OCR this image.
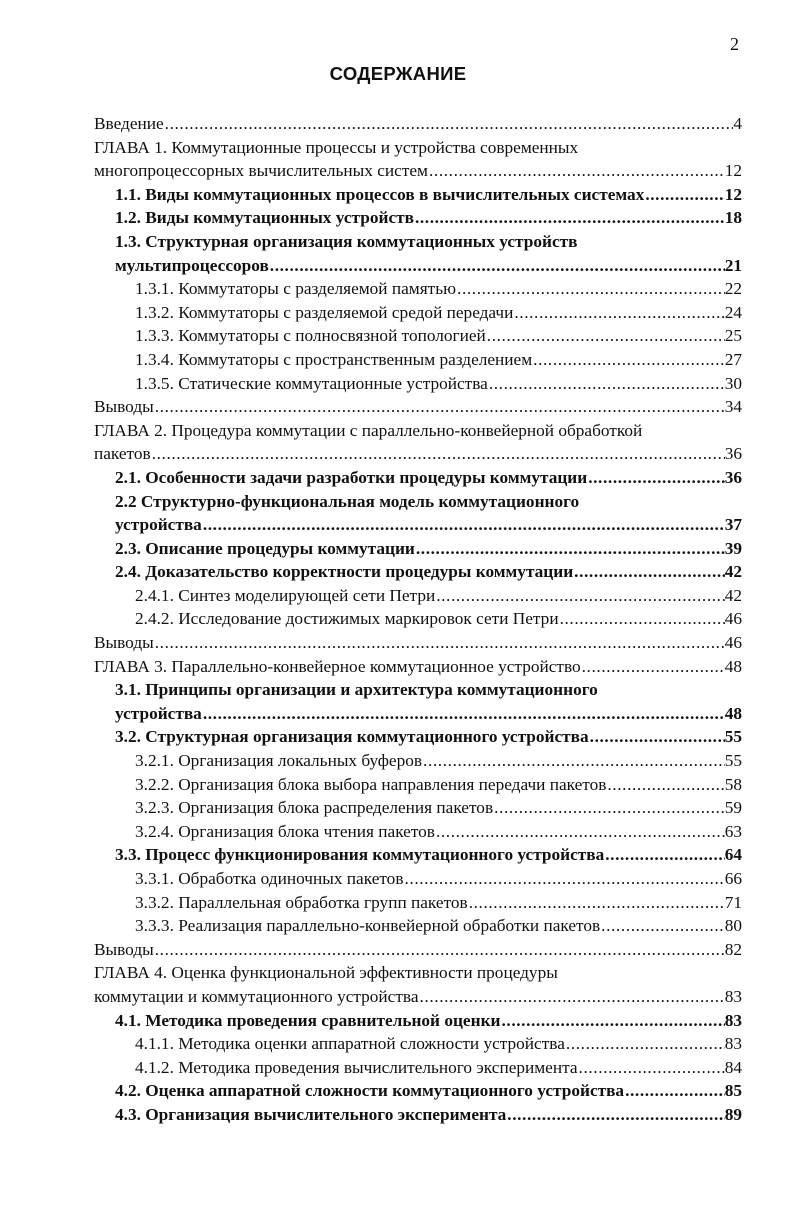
2
СОДЕРЖАНИЕ
Введение .....	4
ГЛАВА 1. Коммутационные процессы и устройства современных
многопроцессорных вычислительных систем .....	12
1.1. Виды коммутационных процессов в вычислительных системах .....	12
1.2. Виды коммутационных устройств .....	18
1.3. Структурная организация коммутационных устройств
мультипроцессоров .....	21
1.3.1. Коммутаторы с разделяемой памятью .....	22
1.3.2. Коммутаторы с разделяемой средой передачи .....	24
1.3.3. Коммутаторы с полносвязной топологией .....	25
1.3.4. Коммутаторы с пространственным разделением .....	27
1.3.5. Статические коммутационные устройства .....	30
Выводы .....	34
ГЛАВА 2. Процедура коммутации с параллельно-конвейерной обработкой
пакетов .....	36
2.1. Особенности задачи разработки процедуры коммутации .....	36
2.2 Структурно-функциональная модель коммутационного
устройства .....	37
2.3. Описание процедуры коммутации .....	39
2.4. Доказательство корректности процедуры коммутации .....	42
2.4.1. Синтез моделирующей сети Петри .....	42
2.4.2. Исследование достижимых маркировок сети Петри .....	46
Выводы .....	46
ГЛАВА 3. Параллельно-конвейерное коммутационное устройство .....	48
3.1. Принципы организации и архитектура коммутационного
устройства .....	48
3.2. Структурная организация коммутационного устройства .....	55
3.2.1. Организация локальных буферов .....	55
3.2.2. Организация блока выбора направления передачи пакетов .....	58
3.2.3. Организация блока распределения пакетов .....	59
3.2.4. Организация блока чтения пакетов .....	63
3.3. Процесс функционирования коммутационного устройства .....	64
3.3.1. Обработка одиночных пакетов .....	66
3.3.2. Параллельная обработка групп пакетов .....	71
3.3.3. Реализация параллельно-конвейерной обработки пакетов .....	80
Выводы .....	82
ГЛАВА 4. Оценка функциональной эффективности процедуры
коммутации и коммутационного устройства .....	83
4.1. Методика проведения сравнительной оценки .....	83
4.1.1. Методика оценки аппаратной сложности устройства .....	83
4.1.2. Методика проведения вычислительного эксперимента .....	84
4.2. Оценка аппаратной сложности коммутационного устройства .....	85
4.3. Организация вычислительного эксперимента .....	89
